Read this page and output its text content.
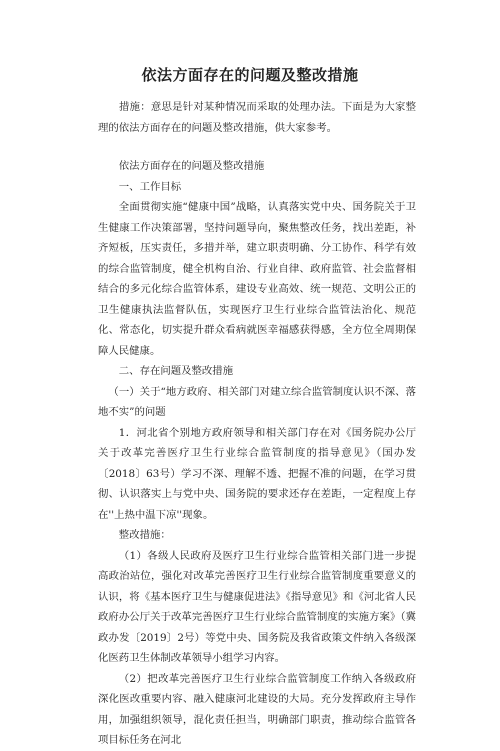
依法方面存在的问题及整改措施
措施：意思是针对某种情况而采取的处理办法。下面是为大家整理的依法方面存在的问题及整改措施，供大家参考。

依法方面存在的问题及整改措施

一、工作目标

全面贯彻实施“健康中国”战略，认真落实党中央、国务院关于卫生健康工作决策部署，坚持问题导向，聚焦整改任务，找出差距，补齐短板，压实责任，多措并举，建立职责明确、分工协作、科学有效的综合监管制度，健全机构自治、行业自律、政府监管、社会监督相结合的多元化综合监管体系，建设专业高效、统一规范、文明公正的卫生健康执法监督队伍，实现医疗卫生行业综合监管法治化、规范化、常态化，切实提升群众看病就医幸福感获得感，全方位全周期保障人民健康。

二、存在问题及整改措施

（一）关于“地方政府、相关部门对建立综合监管制度认识不深、落地不实”的问题

1．河北省个别地方政府领导和相关部门存在对《国务院办公厅关于改革完善医疗卫生行业综合监管制度的指导意见》（国办发〔2018〕63号）学习不深、理解不透、把握不准的问题，在学习贯彻、认识落实上与党中央、国务院的要求还存在差距，一定程度上存在''上热中温下凉''现象。

整改措施：

（1）各级人民政府及医疗卫生行业综合监管相关部门进一步提高政治站位，强化对改革完善医疗卫生行业综合监管制度重要意义的认识，将《基本医疗卫生与健康促进法》《指导意见》和《河北省人民政府办公厅关于改革完善医疗卫生行业综合监管制度的实施方案》（冀政办发〔2019〕2号）等党中央、国务院及我省政策文件纳入各级深化医药卫生体制改革领导小组学习内容。

（2）把改革完善医疗卫生行业综合监管制度工作纳入各级政府深化医改重要内容、融入健康河北建设的大局。充分发挥政府主导作用，加强组织领导，混化责任担当，明确部门职责，推动综合监管各项目标任务在河北
